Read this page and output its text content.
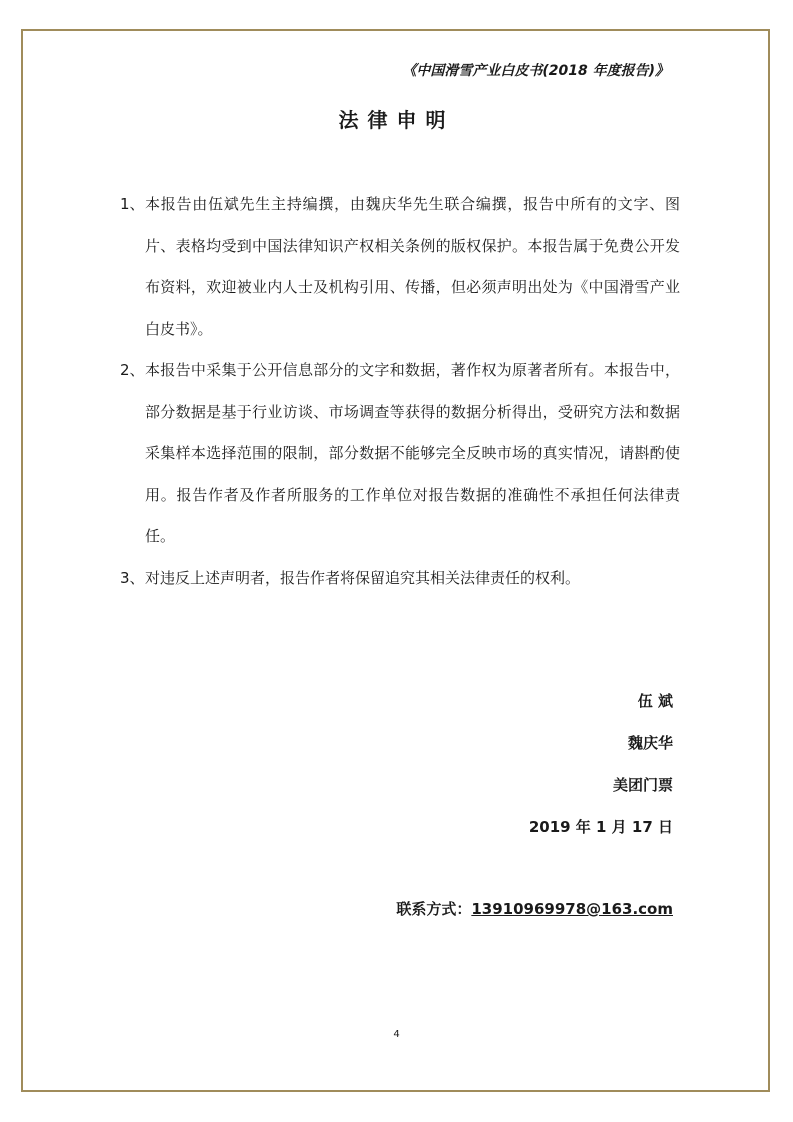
《中国滑雪产业白皮书(2018 年度报告)》
法律申明
1、 本报告由伍斌先生主持编撰，由魏庆华先生联合编撰，报告中所有的文字、图片、表格均受到中国法律知识产权相关条例的版权保护。本报告属于免费公开发布资料，欢迎被业内人士及机构引用、传播，但必须声明出处为《中国滑雪产业白皮书》。
2、 本报告中采集于公开信息部分的文字和数据，著作权为原著者所有。本报告中，部分数据是基于行业访谈、市场调查等获得的数据分析得出，受研究方法和数据采集样本选择范围的限制，部分数据不能够完全反映市场的真实情况，请斟酌使用。报告作者及作者所服务的工作单位对报告数据的准确性不承担任何法律责任。
3、 对违反上述声明者，报告作者将保留追究其相关法律责任的权利。
伍 斌
魏庆华
美团门票
2019 年 1 月 17 日
联系方式：13910969978@163.com
4
